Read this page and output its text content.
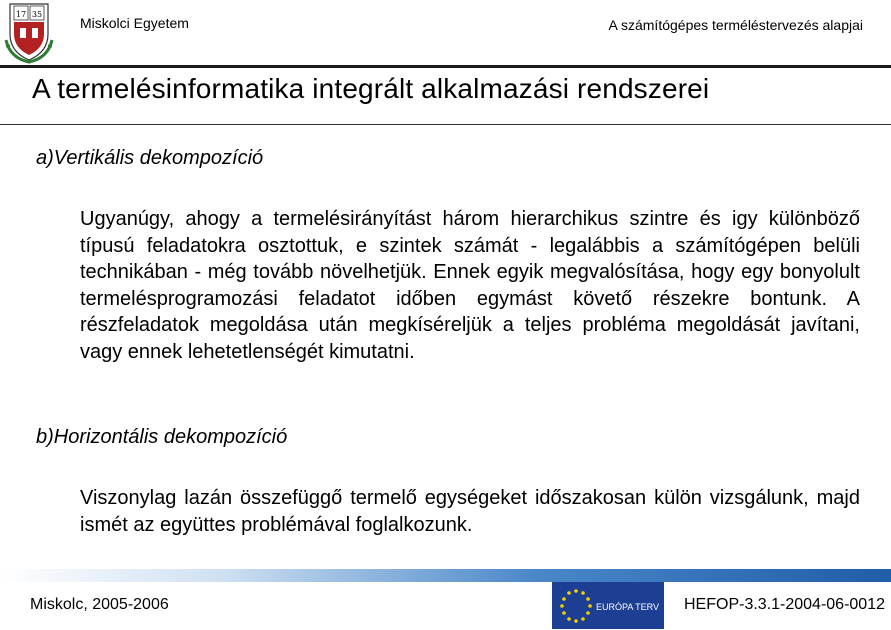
17 35
Miskolci Egyetem	A számítógépes terméléstervezés alapjai
A termelésinformatika integrált alkalmazási rendszerei
a)Vertikális dekompozíció

Ugyanúgy, ahogy a termelésirányítást három hierarchikus szintre és igy különböző típusú feladatokra osztottuk, e szintek számát - legalábbis a számítógépen belüli technikában - még tovább növelhetjük. Ennek egyik megvalósítása, hogy egy bonyolult termelésprogramozási feladatot időben egymást követő részekre bontunk. A részfeladatok megoldása után megkíséreljük a teljes probléma megoldását javítani, vagy ennek lehetetlenségét kimutatni.

b)Horizontális dekompozíció

Viszonylag lazán összefüggő termelő egységeket időszakosan külön vizsgálunk, majd ismét az együttes problémával foglalkozunk.

Miskolc, 2005-2006	EURÓPA TERV HEFOP-3.3.1-2004-06-0012
